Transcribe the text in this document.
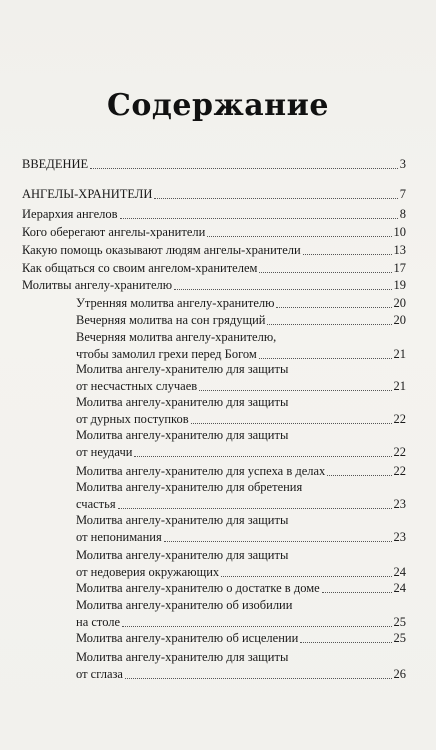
Содержание
ВВЕДЕНИЕ	3
АНГЕЛЫ-ХРАНИТЕЛИ	7
Иерархия ангелов	8
Кого оберегают ангелы-хранители	10
Какую помощь оказывают людям ангелы-хранители	13
Как общаться со своим ангелом-хранителем	17
Молитвы ангелу-хранителю	19
Утренняя молитва ангелу-хранителю	20
Вечерняя молитва на сон грядущий	20
Вечерняя молитва ангелу-хранителю,
чтобы замолил грехи перед Богом	21
Молитва ангелу-хранителю для защиты
от несчастных случаев	21
Молитва ангелу-хранителю для защиты
от дурных поступков	22
Молитва ангелу-хранителю для защиты
от неудачи	22
Молитва ангелу-хранителю для успеха в делах	22
Молитва ангелу-хранителю для обретения
счастья	23
Молитва ангелу-хранителю для защиты
от непонимания	23
Молитва ангелу-хранителю для защиты
от недоверия окружающих	24
Молитва ангелу-хранителю о достатке в доме	24
Молитва ангелу-хранителю об изобилии
на столе	25
Молитва ангелу-хранителю об исцелении	25
Молитва ангелу-хранителю для защиты
от сглаза	26
